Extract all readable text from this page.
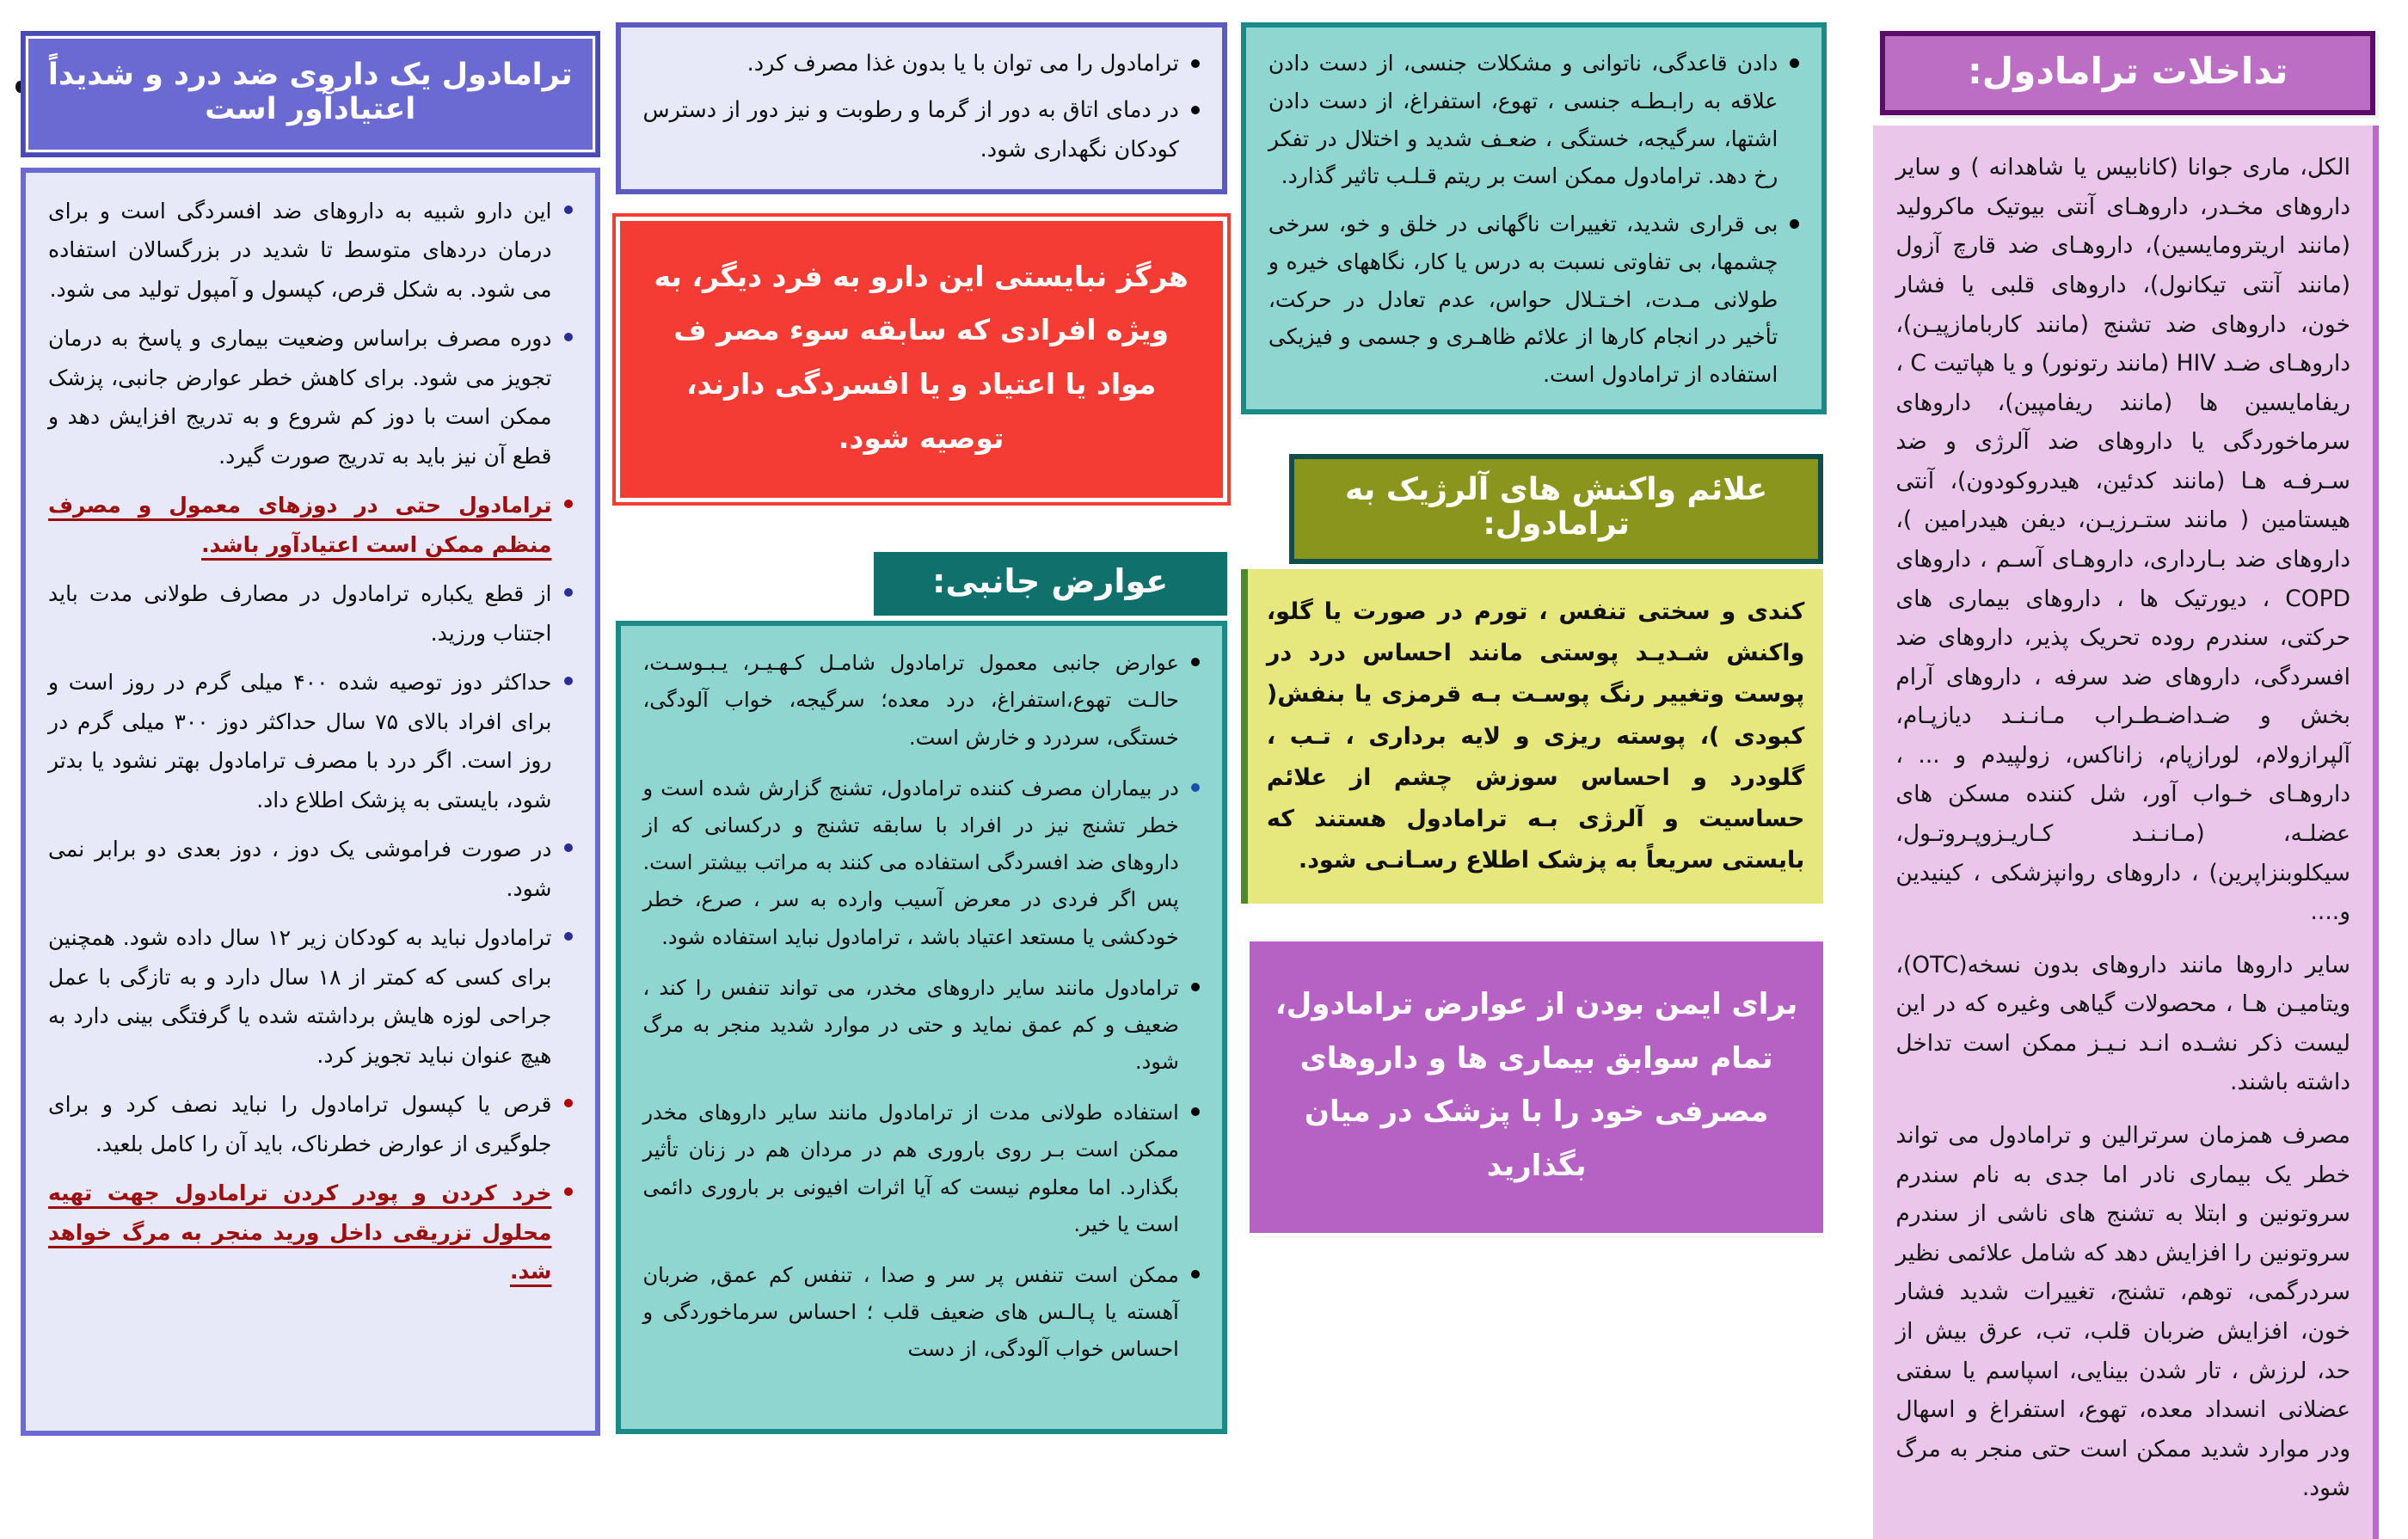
تداخلات ترامادول:

الکل، ماری جوانا (کانابیس یا شاهدانه ) و سایر داروهای مخـدر، داروهـای آنتی بیوتیک ماکرولید (مانند اریترومایسین)، داروهـای ضد قارچ آزول (مانند آنتی تیکانول)، داروهای قلبی یا فشار خون، داروهای ضد تشنج (مانند کاربامازپیـن)، داروهـای ضـد HIV (مانند رتونور) و یا هپاتیت C ، ریفامایسین ها (مانند ریفامپین)، داروهای سرماخوردگی یا داروهای ضد آلرژی و ضد سـرفـه هـا (مانند کدئین، هیدروکودون)، آنتی هیستامین ( مانند ستـرزیـن، دیفن هیدرامین )، داروهای ضد بـارداری، داروهـای آسـم ، داروهای COPD ، دیورتیک ها ، داروهای بیماری های حرکتی، سندرم روده تحریک پذیر، داروهای ضد افسردگی، داروهای ضد سرفه ، داروهای آرام بخش و ضـداضـطـراب مـانـنـد دیازپـام، آلپرازولام، لورازپام، زاناکس، زولپیدم و ... ، داروهـای خـواب آور، شل کننده مسکن های عضلـه، (مـانـنـد کـاریـزوپـروتـول، سیکلوبنزاپرین) ، داروهای روانپزشکی ، کینیدین و....

سایر داروها مانند داروهای بدون نسخه(OTC)، ویتامیـن هـا ، محصولات گیاهی وغیره که در این لیست ذکر نشـده انـد نـیـز ممکن است تداخل داشته باشند.

مصرف همزمان سرترالین و ترامادول می تواند خطر یک بیماری نادر اما جدی به نام سندرم سروتونین و ابتلا به تشنج های ناشی از سندرم سروتونین را افزایش دهد که شامل علائمی نظیر سردرگمی، توهم، تشنج، تغییرات شدید فشار خون، افزایش ضربان قلب، تب، عرق بیش از حد، لرزش ، تار شدن بینایی، اسپاسم یا سفتی عضلانی انسداد معده، تهوع، استفراغ و اسهال ودر موارد شدید ممکن است حتی منجر به مرگ شود.

دادن قاعدگی، ناتوانی و مشکلات جنسی، از دست دادن علاقه به رابـطـه جنسی ، تهوع، استفراغ، از دست دادن اشتها، سرگیجه، خستگی ، ضعـف شدید و اختلال در تفکر رخ دهد. ترامادول ممکن است بر ریتم قـلـب تاثیر گذارد.
بی قراری شدید، تغییرات ناگهانی در خلق و خو، سرخی چشمها، بی تفاوتی نسبت به درس یا کار، نگاههای خیره و طولانی مـدت، اخـتـلال حواس، عدم تعادل در حرکت، تأخیر در انجام کارها از علائم ظاهـری و جسمی و فیزیکی استفاده از ترامادول است.
علائم واکنش های آلرژیک به ترامادول:
کندی و سختی تنفس ، تورم در صورت یا گلو، واکنش شـدیـد پوستی مانند احساس درد در پوست وتغییر رنگ پوسـت بـه قرمزی یا بنفش( کبودی )، پوسته ریزی و لایه برداری ، تـب ، گلودرد و احساس سوزش چشم از علائم حساسیت و آلرژی بـه ترامادول هستند که بایستی سریعاً به پزشک اطلاع رسـانـی شود.
برای ایمن بودن از عوارض ترامادول، تمام سوابق بیماری ها و داروهای مصرفی خود را با پزشک در میان بگذارید
ترامادول را می توان با یا بدون غذا مصرف کرد.
در دمای اتاق به دور از گرما و رطوبت و نیز دور از دسترس کودکان نگهداری شود.
هرگز نبایستی این دارو به فرد دیگر، به ویژه افرادی که سابقه سوء مصر ف مواد یا اعتیاد و یا افسردگی دارند، توصیه شود.
عوارض جانبی:
عوارض جانبی معمول ترامادول شامـل کـهـیـر، یـبـوسـت، حالـت تهوع،استفراغ، درد معده؛ سرگیجه، خواب آلودگی، خستگی، سردرد و خارش است.
در بیماران مصرف کننده ترامادول، تشنج گزارش شده است و خطر تشنج نیز در افراد با سابقه تشنج و درکسانی که از داروهای ضد افسردگی استفاده می کنند به مراتب بیشتر است. پس اگر فردی در معرض آسیب وارده به سر ، صرع، خطر خودکشی یا مستعد اعتیاد باشد ، ترامادول نباید استفاده شود.
ترامادول مانند سایر داروهای مخدر، می تواند تنفس را کند ، ضعیف و کم عمق نماید و حتی در موارد شدید منجر به مرگ شود.
استفاده طولانی مدت از ترامادول مانند سایر داروهای مخدر ممکن است بـر روی باروری هم در مردان هم در زنان تأثیر بگذارد. اما معلوم نیست که آیا اثرات افیونی بر باروری دائمی است یا خیر.
ممکن است تنفس پر سر و صدا ، تنفس کم عمق, ضربان آهسته یا پـالـس های ضعیف قلب ؛ احساس سرماخوردگی و احساس خواب آلودگی، از دست
ترامادول یک داروی ضد درد و شدیداً اعتیادآور است
این دارو شبیه به داروهای ضد افسردگی است و برای درمان دردهای متوسط تا شدید در بزرگسالان استفاده می شود. به شکل قرص، کپسول و آمپول تولید می شود.
دوره مصرف براساس وضعیت بیماری و پاسخ به درمان تجویز می شود. برای کاهش خطر عوارض جانبی، پزشک ممکن است با دوز کم شروع و به تدریج افزایش دهد و قطع آن نیز باید به تدریج صورت گیرد.
ترامادول حتی در دوزهای معمول و مصرف منظم ممکن است اعتیادآور باشد.
از قطع یکباره ترامادول در مصارف طولانی مدت باید اجتناب ورزید.
حداکثر دوز توصیه شده ۴۰۰ میلی گرم در روز است و برای افراد بالای ۷۵ سال حداکثر دوز ۳۰۰ میلی گرم در روز است. اگر درد با مصرف ترامادول بهتر نشود یا بدتر شود، بایستی به پزشک اطلاع داد.
در صورت فراموشی یک دوز ، دوز بعدی دو برابر نمی شود.
ترامادول نباید به کودکان زیر ۱۲ سال داده شود. همچنین برای کسی که کمتر از ۱۸ سال دارد و به تازگی با عمل جراحی لوزه هایش برداشته شده یا گرفتگی بینی دارد به هیچ عنوان نباید تجویز کرد.
قرص یا کپسول ترامادول را نباید نصف کرد و برای جلوگیری از عوارض خطرناک، باید آن را کامل بلعید.
خرد کردن و پودر کردن ترامادول جهت تهیه محلول تزریقی داخل ورید منجر به مرگ خواهد شد.
